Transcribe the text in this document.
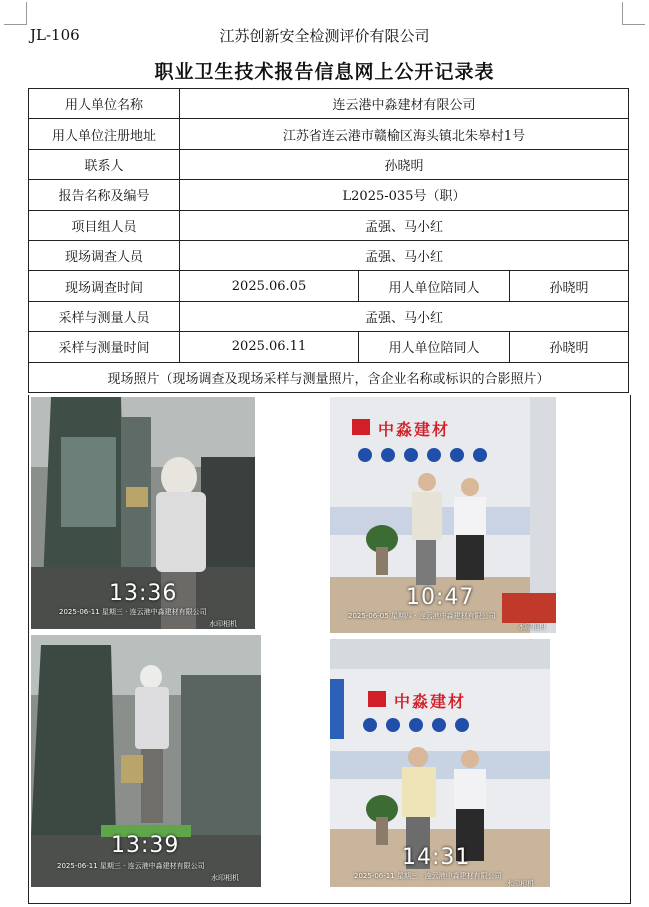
JL-106	江苏创新安全检测评价有限公司
职业卫生技术报告信息网上公开记录表
用人单位名称	连云港中淼建材有限公司		
用人单位注册地址	江苏省连云港市赣榆区海头镇北朱皋村1号		
联系人	孙晓明		
报告名称及编号	L2025-035号（职）		
项目组人员	孟强、马小红		
现场调查人员	孟强、马小红		
现场调查时间	2025.06.05	用人单位陪同人	孙晓明
采样与测量人员	孟强、马小红		
采样与测量时间	2025.06.11	用人单位陪同人	孙晓明
现场照片（现场调查及现场采样与测量照片，含企业名称或标识的合影照片）			
13:36
2025-06-11 星期三 · 连云港中淼建材有限公司
水印相机
中淼建材
10:47
2025-06-05 星期四 · 连云港中淼建材有限公司
水印相机
13:39
2025-06-11 星期三 · 连云港中淼建材有限公司
水印相机
中淼建材
14:31
2025-06-11 星期三 · 连云港中淼建材有限公司
水印相机
